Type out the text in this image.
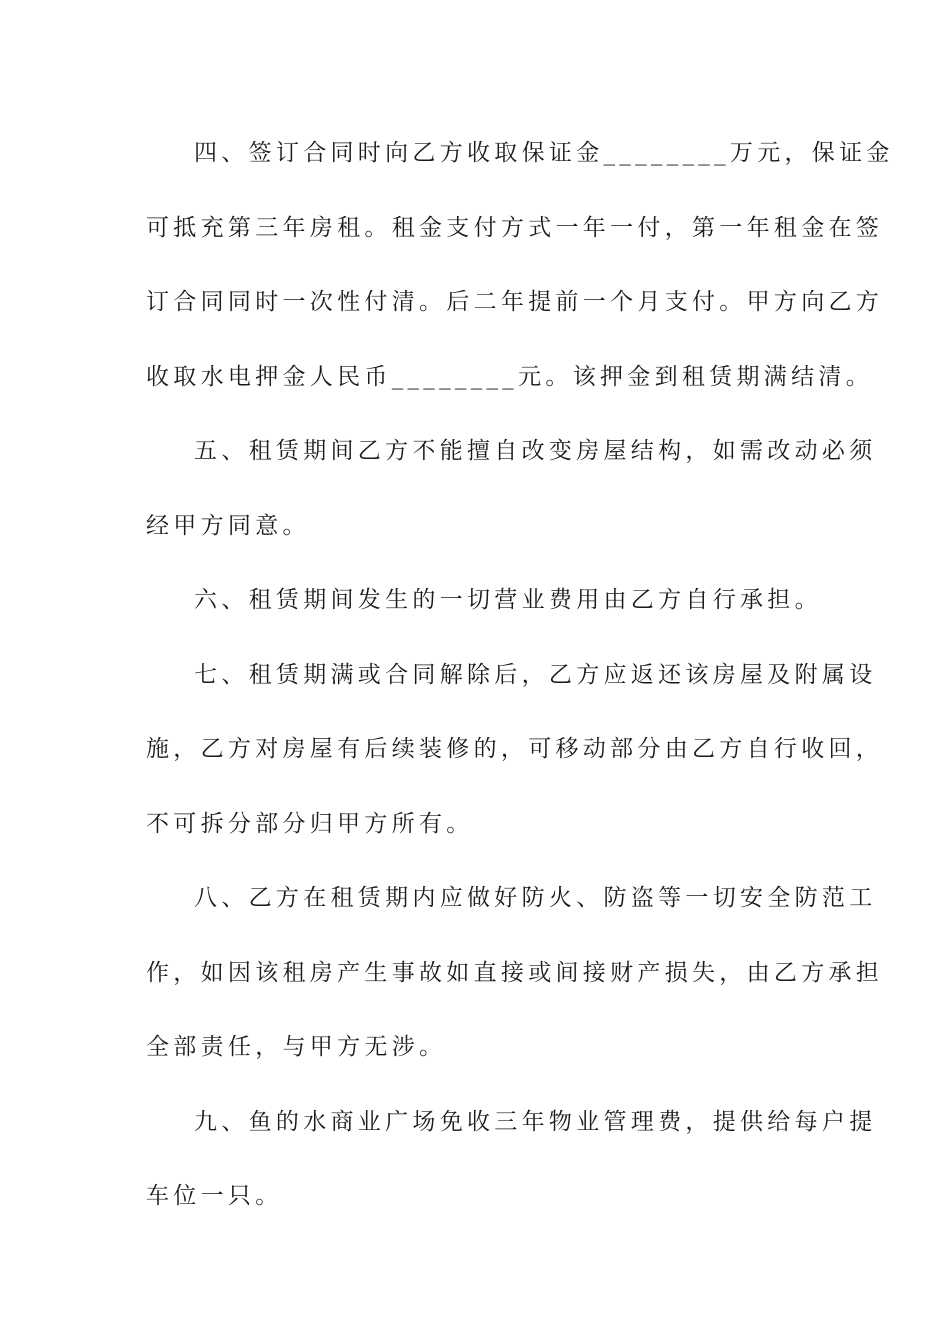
四、签订合同时向乙方收取保证金________万元，保证金
可抵充第三年房租。租金支付方式一年一付，第一年租金在签
订合同同时一次性付清。后二年提前一个月支付。甲方向乙方
收取水电押金人民币________元。该押金到租赁期满结清。
五、租赁期间乙方不能擅自改变房屋结构，如需改动必须
经甲方同意。
六、租赁期间发生的一切营业费用由乙方自行承担。
七、租赁期满或合同解除后，乙方应返还该房屋及附属设
施，乙方对房屋有后续装修的，可移动部分由乙方自行收回，
不可拆分部分归甲方所有。
八、乙方在租赁期内应做好防火、防盗等一切安全防范工
作，如因该租房产生事故如直接或间接财产损失，由乙方承担
全部责任，与甲方无涉。
九、鱼的水商业广场免收三年物业管理费，提供给每户提
车位一只。
